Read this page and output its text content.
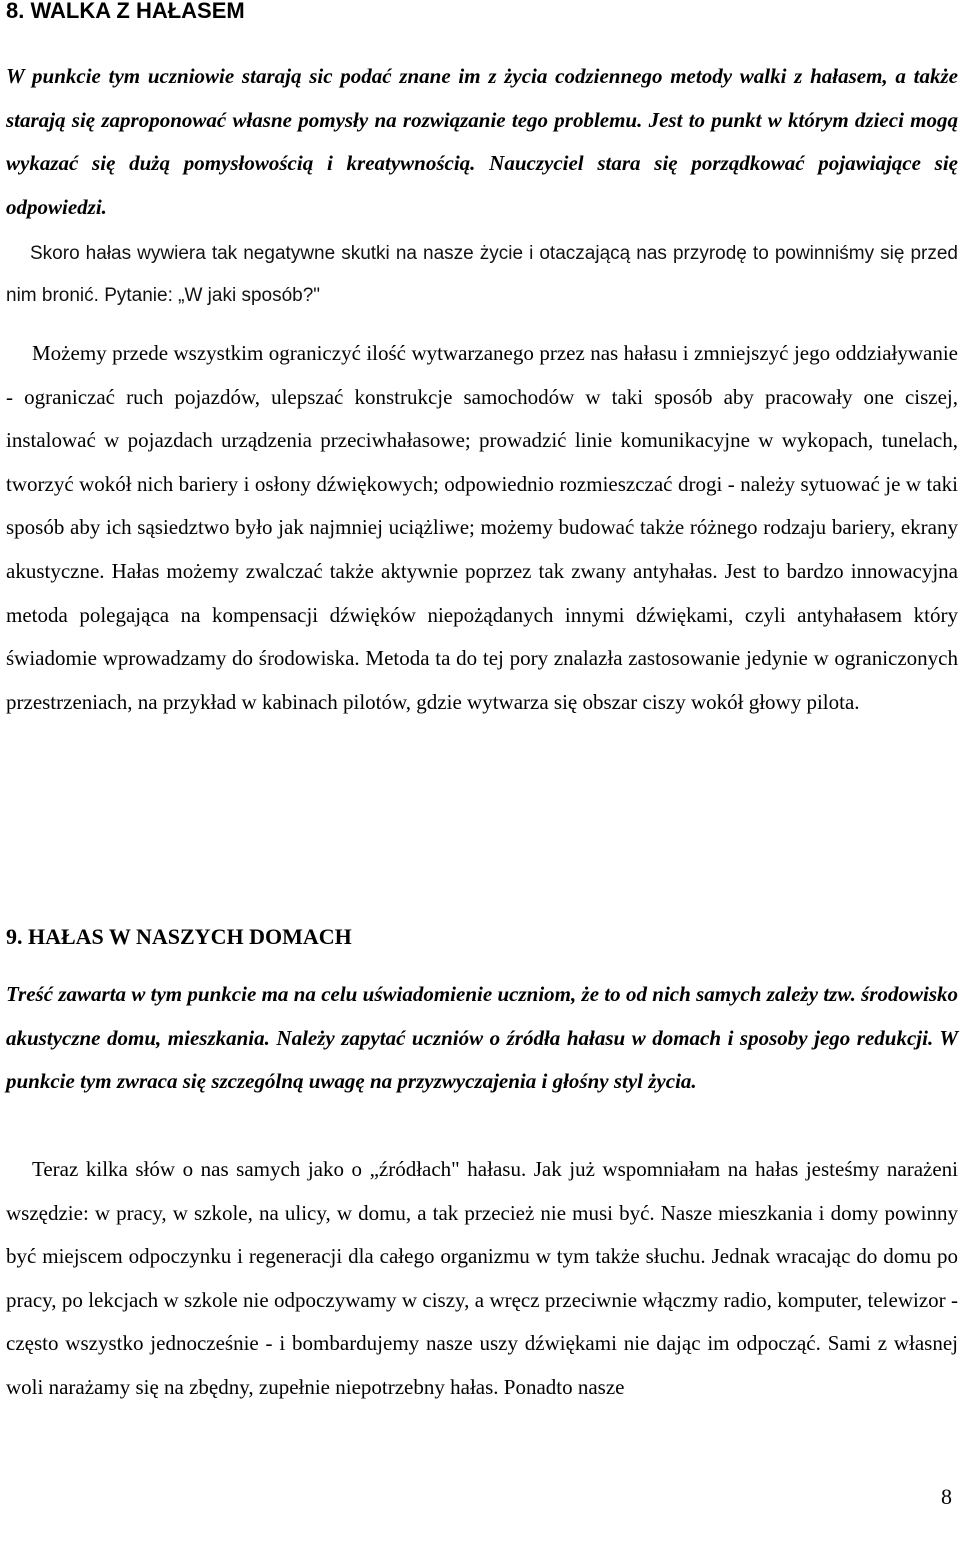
8. WALKA Z HAŁASEM

W punkcie tym uczniowie starają sic podać znane im z życia codziennego metody walki z hałasem, a także starają się zaproponować własne pomysły na rozwiązanie tego problemu. Jest to punkt w którym dzieci mogą wykazać się dużą pomysłowością i kreatywnością. Nauczyciel stara się porządkować pojawiające się odpowiedzi.

Skoro hałas wywiera tak negatywne skutki na nasze życie i otaczającą nas przyrodę to powinniśmy się przed nim bronić. Pytanie: „W jaki sposób?"

Możemy przede wszystkim ograniczyć ilość wytwarzanego przez nas hałasu i zmniejszyć jego oddziaływanie - ograniczać ruch pojazdów, ulepszać konstrukcje samochodów w taki sposób aby pracowały one ciszej, instalować w pojazdach urządzenia przeciwhałasowe; prowadzić linie komunikacyjne w wykopach, tunelach, tworzyć wokół nich bariery i osłony dźwiękowych; odpowiednio rozmieszczać drogi - należy sytuować je w taki sposób aby ich sąsiedztwo było jak najmniej uciążliwe; możemy budować także różnego rodzaju bariery, ekrany akustyczne. Hałas możemy zwalczać także aktywnie poprzez tak zwany antyhałas. Jest to bardzo innowacyjna metoda polegająca na kompensacji dźwięków niepożądanych innymi dźwiękami, czyli antyhałasem który świadomie wprowadzamy do środowiska. Metoda ta do tej pory znalazła zastosowanie jedynie w ograniczonych przestrzeniach, na przykład w kabinach pilotów, gdzie wytwarza się obszar ciszy wokół głowy pilota.

9. HAŁAS W NASZYCH DOMACH

Treść zawarta w tym punkcie ma na celu uświadomienie uczniom, że to od nich samych zależy tzw. środowisko akustyczne domu, mieszkania. Należy zapytać uczniów o źródła hałasu w domach i sposoby jego redukcji. W punkcie tym zwraca się szczególną uwagę na przyzwyczajenia i głośny styl życia.

Teraz kilka słów o nas samych jako o „źródłach" hałasu. Jak już wspomniałam na hałas jesteśmy narażeni wszędzie: w pracy, w szkole, na ulicy, w domu, a tak przecież nie musi być. Nasze mieszkania i domy powinny być miejscem odpoczynku i regeneracji dla całego organizmu w tym także słuchu. Jednak wracając do domu po pracy, po lekcjach w szkole nie odpoczywamy w ciszy, a wręcz przeciwnie włączmy radio, komputer, telewizor - często wszystko jednocześnie - i bombardujemy nasze uszy dźwiękami nie dając im odpocząć. Sami z własnej woli narażamy się na zbędny, zupełnie niepotrzebny hałas. Ponadto nasze

8
